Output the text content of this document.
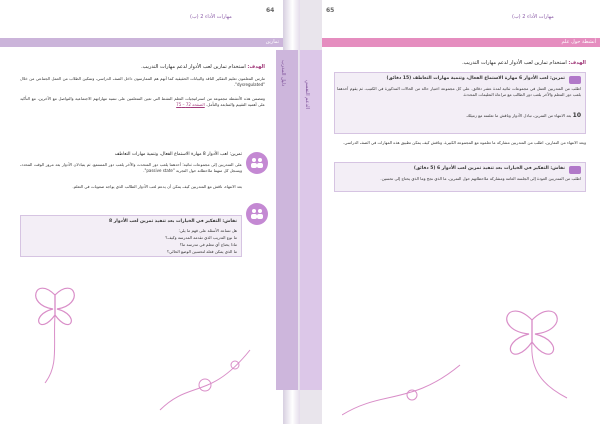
64
مهارات الأداء 2 (ب)
تمارين
الهدف: استخدام تمارين لعب الأدوار لدعم مهارات التدريب.
مارس المعلمون تعليم التفكير الناقد والبيانات الحقيقية كما أنهم هم الممارسون داخل الصف الدراسي، وتمكين الطلاب من العمل الجماعي من خلال "dysregulated".
وتتضمن هذه الأنشطة مجموعة من استراتيجيات التعلم النشط التي تعين المتعلمين على تنمية مهاراتهم الاجتماعية والتواصل مع الآخرين، مع التأكيد على أهمية التقييم والمتابعة والتأمل. الصفحة 72 – 75
تمرين: لعب الأدوار 8 مهارة الاستماع الفعال، وتنمية مهارات التعاطف
على المتدربين إلى مجموعات ثنائية: أحدهما يلعب دور المتحدث والآخر يلعب دور المستمع. ثم يتبادلان الأدوار بعد مرور الوقت المحدد، ويسجل كل منهما ملاحظاته حول التجربة "passive state".
بعد الانتهاء، ناقش مع المتدربين كيف يمكن أن يدعم لعب الأدوار الطالب الذي يواجه صعوبات في التعلم.
نقاش: التفكير في الخيارات بعد تنفيذ تمرين لعب الأدوار 8
هل تساعد الأسئلة على فهم ما يلي:
ما نوع التدريب الذي تقدمه المدرسة وكيف؟
ماذا يحتاج أي معلم في مدرسة ما؟
ما الذي يمكن فعله لتحسين الوضع الحالي؟
دليل المدرب
الدعم النفسي
65
مهارات الأداء 2 (ب)
أنشطة حول علم
الهدف: استخدام تمارين لعب الأدوار لدعم مهارات التدريب.
تمرين: لعب الأدوار 6 مهارة الاستماع الفعال، وتنمية مهارات التعاطف (15 دقائق)
اطلب من المتدربين العمل في مجموعات ثنائية لمدة عشر دقائق. على كل مجموعة اختيار حالة من الحالات المذكورة في الكتيب، ثم يقوم أحدهما بلعب دور المعلم والآخر بلعب دور الطالب مع مراعاة التعليمات المحددة.
10 بعد الانتهاء من التمرين، تبادل الأدوار وناقش ما تعلمته مع زميلك.
وبعد الانتهاء من التمارين، اطلب من المتدربين مشاركة ما تعلموه مع المجموعة الكبيرة، وناقش كيف يمكن تطبيق هذه المهارات في الصف الدراسي.
نقاش: التفكير في الخيارات بعد تنفيذ تمرين لعب الأدوار 6 (5 دقائق)
اطلب من المتدربين العودة إلى الجلسة العامة ومشاركة ملاحظاتهم حول التمرين، ما الذي نجح وما الذي يحتاج إلى تحسين.
